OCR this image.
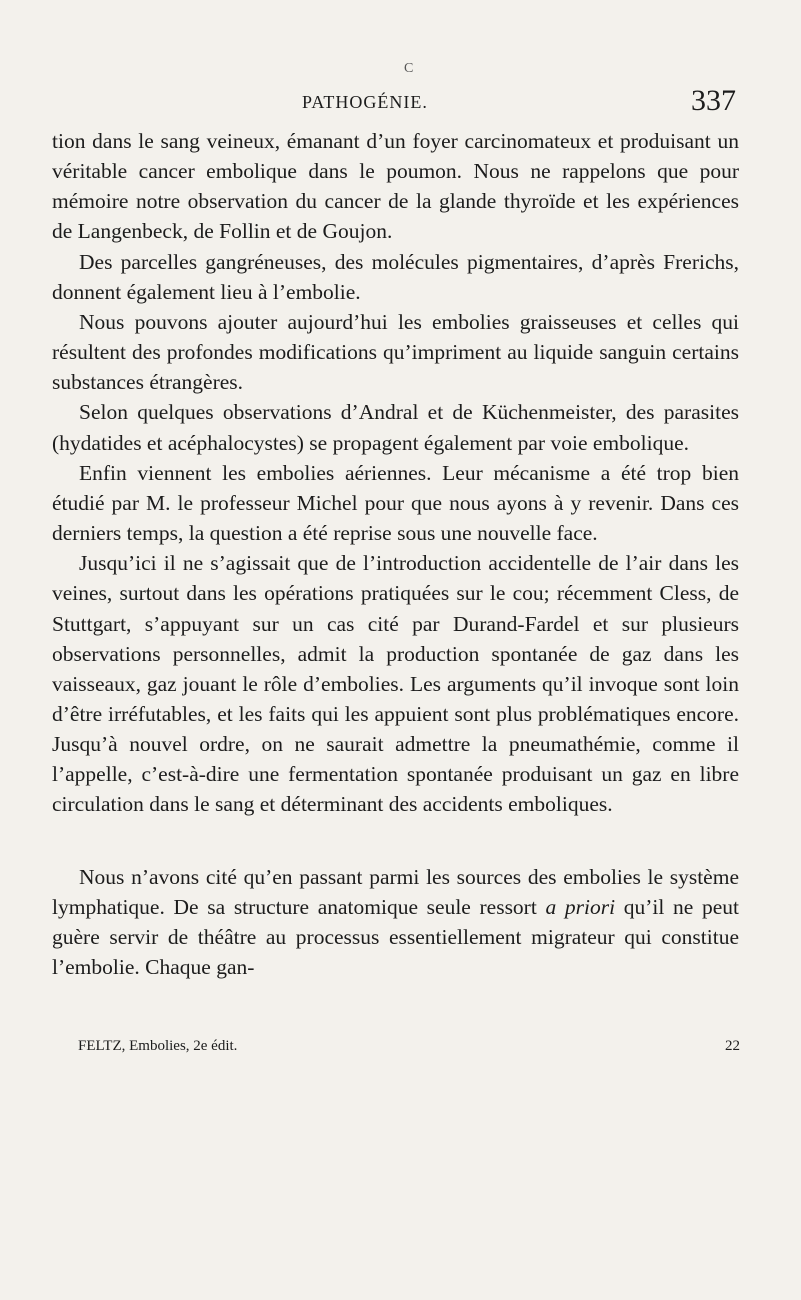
C
PATHOGÉNIE.	337

tion dans le sang veineux, émanant d’un foyer carcinomateux et produisant un véritable cancer embolique dans le poumon. Nous ne rappelons que pour mémoire notre observation du cancer de la glande thyroïde et les expériences de Langenbeck, de Follin et de Goujon.

Des parcelles gangréneuses, des molécules pigmentaires, d’après Frerichs, donnent également lieu à l’embolie.

Nous pouvons ajouter aujourd’hui les embolies graisseuses et celles qui résultent des profondes modifications qu’impriment au liquide sanguin certains substances étrangères.

Selon quelques observations d’Andral et de Küchenmeister, des parasites (hydatides et acéphalocystes) se propagent également par voie embolique.

Enfin viennent les embolies aériennes. Leur mécanisme a été trop bien étudié par M. le professeur Michel pour que nous ayons à y revenir. Dans ces derniers temps, la question a été reprise sous une nouvelle face.

Jusqu’ici il ne s’agissait que de l’introduction accidentelle de l’air dans les veines, surtout dans les opérations pratiquées sur le cou; récemment Cless, de Stuttgart, s’appuyant sur un cas cité par Durand-Fardel et sur plusieurs observations personnelles, admit la production spontanée de gaz dans les vaisseaux, gaz jouant le rôle d’embolies. Les arguments qu’il invoque sont loin d’être irréfutables, et les faits qui les appuient sont plus problématiques encore. Jusqu’à nouvel ordre, on ne saurait admettre la pneumathémie, comme il l’appelle, c’est-à-dire une fermentation spontanée produisant un gaz en libre circulation dans le sang et déterminant des accidents emboliques.

Nous n’avons cité qu’en passant parmi les sources des embolies le système lymphatique. De sa structure anatomique seule ressort a priori qu’il ne peut guère servir de théâtre au processus essentiellement migrateur qui constitue l’embolie. Chaque gan-

FELTZ, Embolies, 2e édit.	22
